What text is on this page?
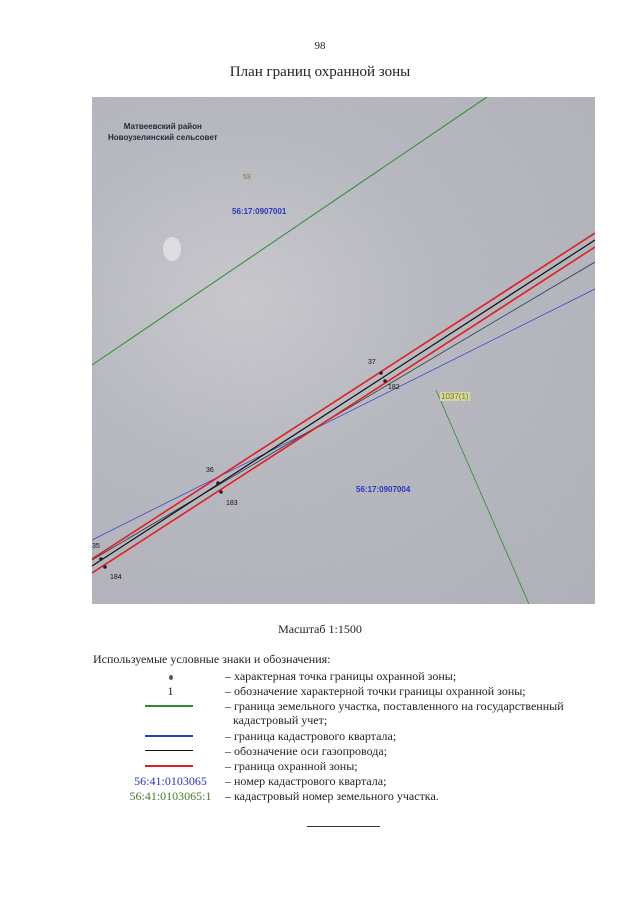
98
План границ охранной зоны
Матвеевский район
Новоузелинский сельсовет
53
56:17:0907001
56:17:0907004
1037(1)
37
182
36
183
35
184
Масштаб 1:1500
Используемые условные знаки и обозначения:
– характерная точка границы охранной зоны;
1	– обозначение характерной точки границы охранной зоны;
– граница земельного участка, поставленного на государственный
кадастровый учет;
– граница кадастрового квартала;
– обозначение оси газопровода;
– граница охранной зоны;
56:41:0103065	– номер кадастрового квартала;
56:41:0103065:1	– кадастровый номер земельного участка.
